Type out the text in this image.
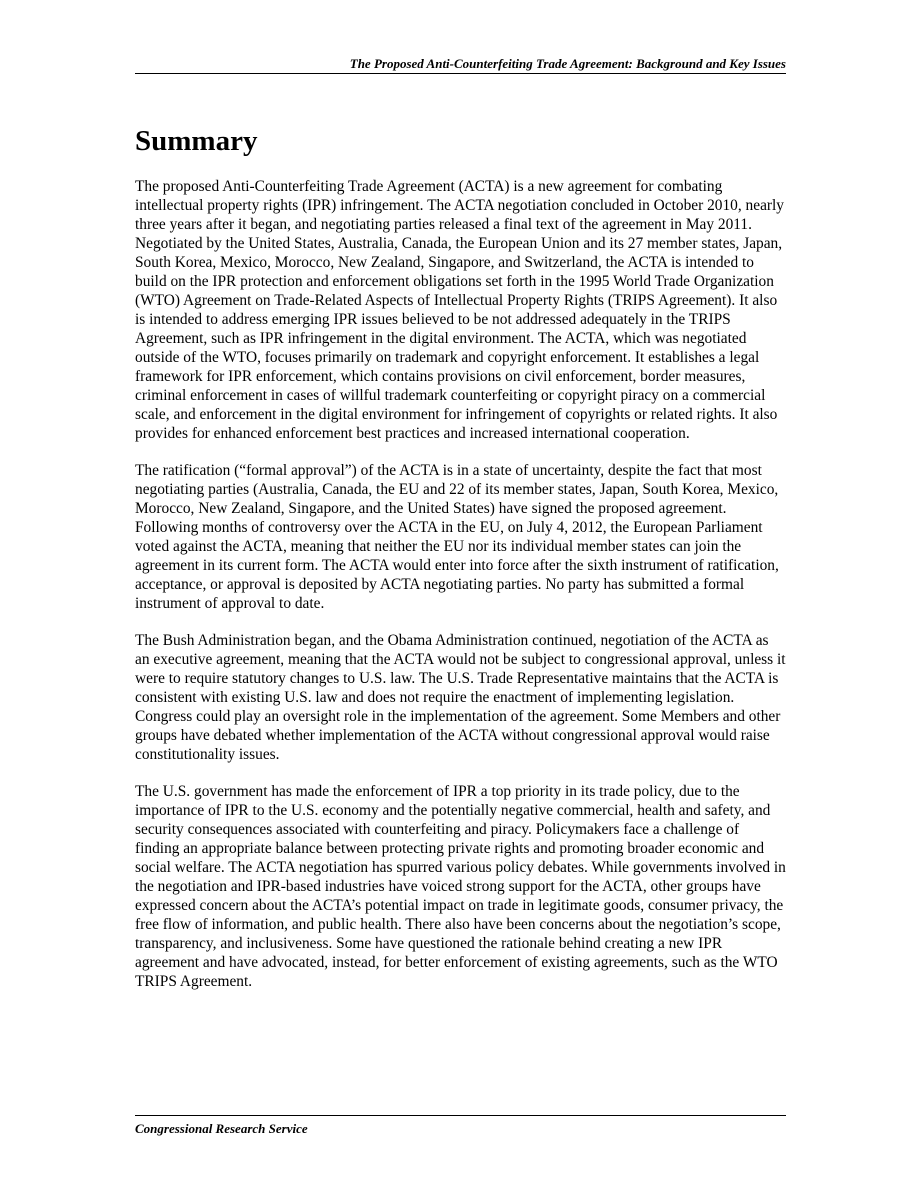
The Proposed Anti-Counterfeiting Trade Agreement: Background and Key Issues
Summary

The proposed Anti-Counterfeiting Trade Agreement (ACTA) is a new agreement for combating intellectual property rights (IPR) infringement. The ACTA negotiation concluded in October 2010, nearly three years after it began, and negotiating parties released a final text of the agreement in May 2011. Negotiated by the United States, Australia, Canada, the European Union and its 27 member states, Japan, South Korea, Mexico, Morocco, New Zealand, Singapore, and Switzerland, the ACTA is intended to build on the IPR protection and enforcement obligations set forth in the 1995 World Trade Organization (WTO) Agreement on Trade-Related Aspects of Intellectual Property Rights (TRIPS Agreement). It also is intended to address emerging IPR issues believed to be not addressed adequately in the TRIPS Agreement, such as IPR infringement in the digital environment. The ACTA, which was negotiated outside of the WTO, focuses primarily on trademark and copyright enforcement. It establishes a legal framework for IPR enforcement, which contains provisions on civil enforcement, border measures, criminal enforcement in cases of willful trademark counterfeiting or copyright piracy on a commercial scale, and enforcement in the digital environment for infringement of copyrights or related rights. It also provides for enhanced enforcement best practices and increased international cooperation.

The ratification (“formal approval”) of the ACTA is in a state of uncertainty, despite the fact that most negotiating parties (Australia, Canada, the EU and 22 of its member states, Japan, South Korea, Mexico, Morocco, New Zealand, Singapore, and the United States) have signed the proposed agreement. Following months of controversy over the ACTA in the EU, on July 4, 2012, the European Parliament voted against the ACTA, meaning that neither the EU nor its individual member states can join the agreement in its current form. The ACTA would enter into force after the sixth instrument of ratification, acceptance, or approval is deposited by ACTA negotiating parties. No party has submitted a formal instrument of approval to date.

The Bush Administration began, and the Obama Administration continued, negotiation of the ACTA as an executive agreement, meaning that the ACTA would not be subject to congressional approval, unless it were to require statutory changes to U.S. law. The U.S. Trade Representative maintains that the ACTA is consistent with existing U.S. law and does not require the enactment of implementing legislation. Congress could play an oversight role in the implementation of the agreement. Some Members and other groups have debated whether implementation of the ACTA without congressional approval would raise constitutionality issues.

The U.S. government has made the enforcement of IPR a top priority in its trade policy, due to the importance of IPR to the U.S. economy and the potentially negative commercial, health and safety, and security consequences associated with counterfeiting and piracy. Policymakers face a challenge of finding an appropriate balance between protecting private rights and promoting broader economic and social welfare. The ACTA negotiation has spurred various policy debates. While governments involved in the negotiation and IPR-based industries have voiced strong support for the ACTA, other groups have expressed concern about the ACTA’s potential impact on trade in legitimate goods, consumer privacy, the free flow of information, and public health. There also have been concerns about the negotiation’s scope, transparency, and inclusiveness. Some have questioned the rationale behind creating a new IPR agreement and have advocated, instead, for better enforcement of existing agreements, such as the WTO TRIPS Agreement.

Congressional Research Service
